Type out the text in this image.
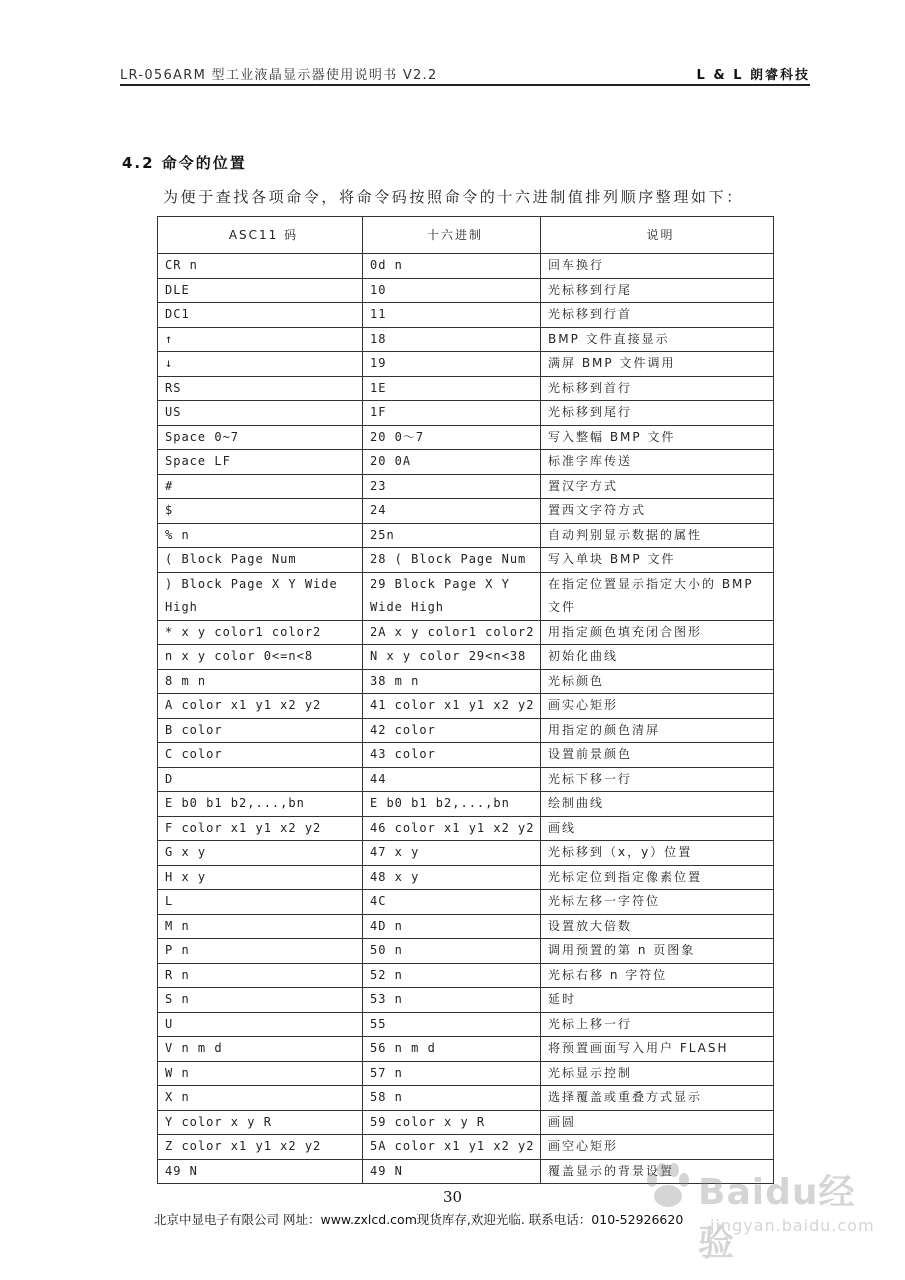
LR-056ARM 型工业液晶显示器使用说明书 V2.2	L & L 朗睿科技
4.2 命令的位置
为便于查找各项命令，将命令码按照命令的十六进制值排列顺序整理如下：
ASC11 码	十六进制	说明
CR n	0d n	回车换行
DLE	10	光标移到行尾
DC1	11	光标移到行首
↑	18	BMP 文件直接显示
↓	19	满屏 BMP 文件调用
RS	1E	光标移到首行
US	1F	光标移到尾行
Space 0~7	20 0～7	写入整幅 BMP 文件
Space LF	20 0A	标准字库传送
#	23	置汉字方式
$	24	置西文字符方式
% n	25n	自动判别显示数据的属性
( Block Page Num	28 ( Block Page Num	写入单块 BMP 文件
) Block Page X Y Wide High	29 Block Page X Y Wide High	在指定位置显示指定大小的 BMP 文件
* x y color1 color2	2A x y color1 color2	用指定颜色填充闭合图形
n x y color 0<=n<8	N x y color 29<n<38	初始化曲线
8 m n	38 m n	光标颜色
A color x1 y1 x2 y2	41 color x1 y1 x2 y2	画实心矩形
B color	42 color	用指定的颜色清屏
C color	43 color	设置前景颜色
D	44	光标下移一行
E b0 b1 b2,...,bn	E b0 b1 b2,...,bn	绘制曲线
F color x1 y1 x2 y2	46 color x1 y1 x2 y2	画线
G x y	47 x y	光标移到（x，y）位置
H x y	48 x y	光标定位到指定像素位置
L	4C	光标左移一字符位
M n	4D n	设置放大倍数
P n	50 n	调用预置的第 n 页图象
R n	52 n	光标右移 n 字符位
S n	53 n	延时
U	55	光标上移一行
V n m d	56 n m d	将预置画面写入用户 FLASH
W n	57 n	光标显示控制
X n	58 n	选择覆盖或重叠方式显示
Y color x y R	59 color x y R	画圆
Z color x1 y1 x2 y2	5A color x1 y1 x2 y2	画空心矩形
49 N	49 N	覆盖显示的背景设置
30
北京中显电子有限公司 网址：www.zxlcd.com现货库存,欢迎光临. 联系电话：010-52926620
Baidu经验
jingyan.baidu.com
